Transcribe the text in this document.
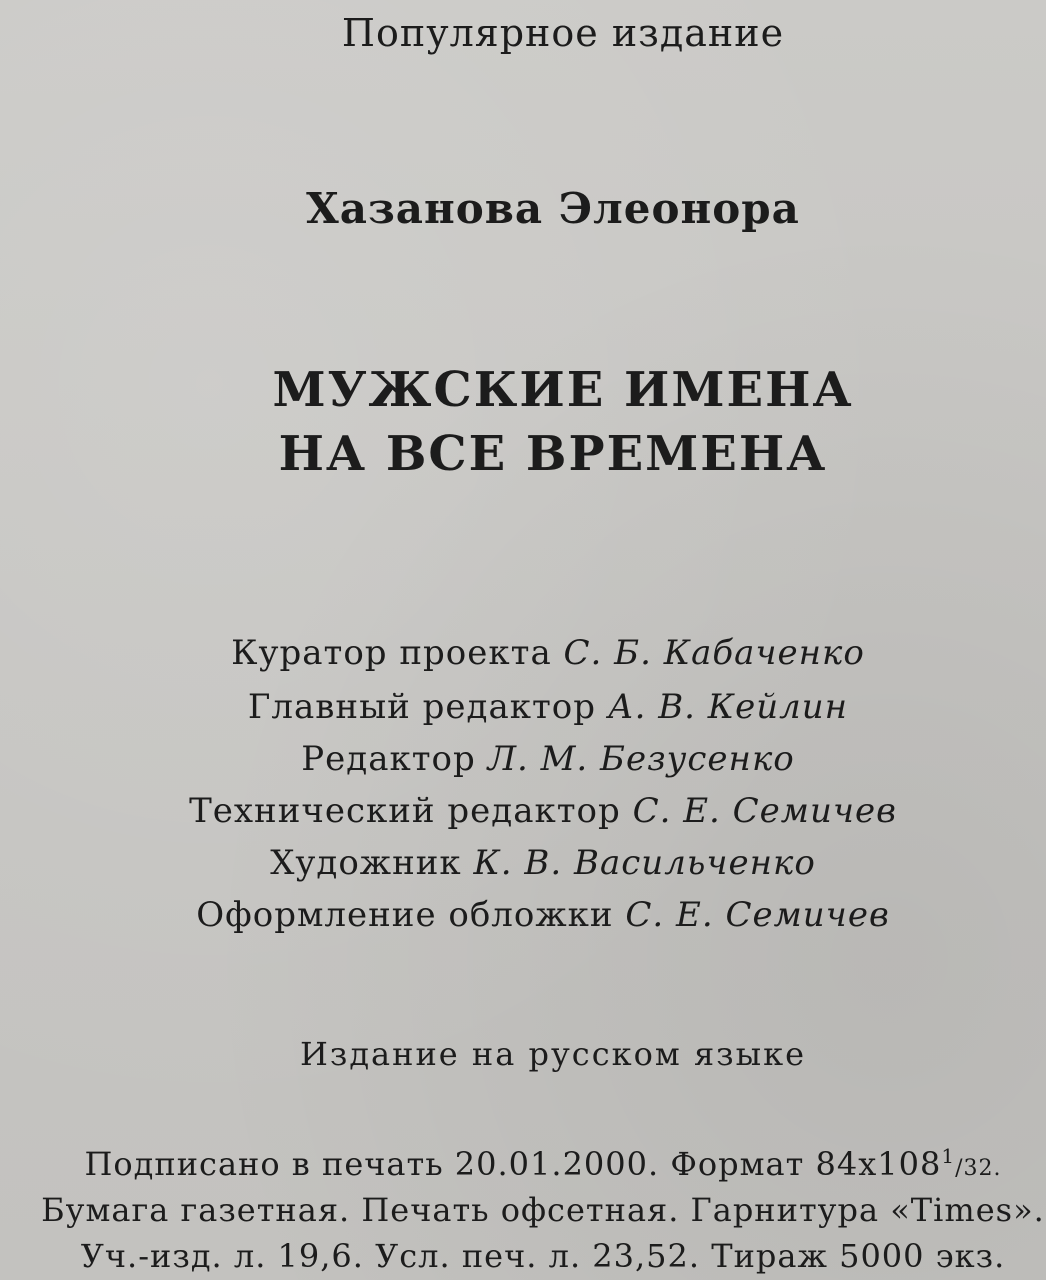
Популярное издание
Хазанова Элеонора
МУЖСКИЕ ИМЕНА
НА ВСЕ ВРЕМЕНА
Куратор проекта С. Б. Кабаченко
Главный редактор А. В. Кейлин
Редактор Л. М. Безусенко
Технический редактор С. Е. Семичев
Художник К. В. Васильченко
Оформление обложки С. Е. Семичев
Издание на русском языке
Подписано в печать 20.01.2000. Формат $84x108^1/32$.
Бумага газетная. Печать офсетная. Гарнитура «Times».
Уч.-изд. л. 19,6. Усл. печ. л. 23,52. Тираж 5000 экз.
